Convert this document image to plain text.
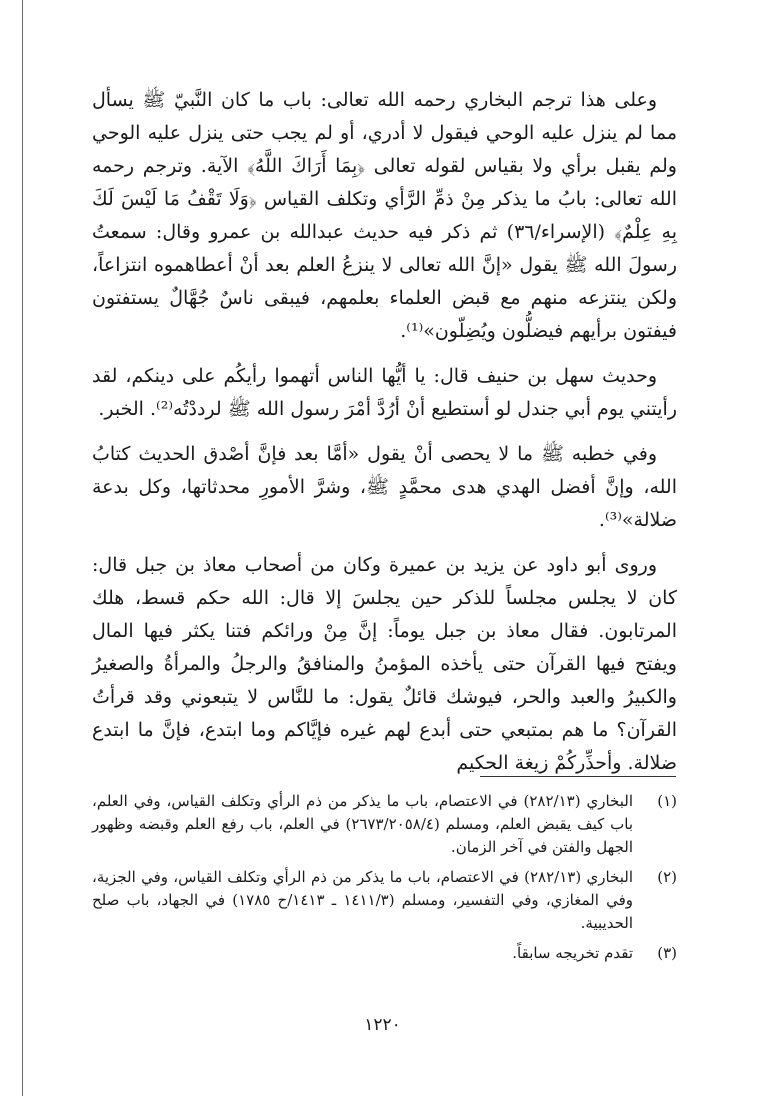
وعلى هذا ترجم البخاري رحمه الله تعالى: باب ما كان النَّبيّ ﷺ يسأل مما لم ينزل عليه الوحي فيقول لا أدري، أو لم يجب حتى ينزل عليه الوحي ولم يقبل برأي ولا بقياس لقوله تعالى ﴿بِمَا أَرَاكَ اللَّهُ﴾ الآية. وترجم رحمه الله تعالى: بابُ ما يذكر مِنْ ذمِّ الرَّأي وتكلف القياس ﴿وَلَا تَقْفُ مَا لَيْسَ لَكَ بِهِ عِلْمٌ﴾ (الإسراء/٣٦) ثم ذكر فيه حديث عبدالله بن عمرو وقال: سمعتُ رسولَ الله ﷺ يقول «إنَّ الله تعالى لا ينزعُ العلم بعد أنْ أعطاهموه انتزاعاً، ولكن ينتزعه منهم مع قبض العلماء بعلمهم، فيبقى ناسٌ جُهَّالٌ يستفتون فيفتون برأيهم فيضلُّون ويُضِلّون»⁽¹⁾.

وحديث سهل بن حنيف قال: يا أيُّها الناس أتهموا رأيكُم على دينكم، لقد رأيتني يوم أبي جندل لو أستطيع أنْ أرُدَّ أمْرَ رسول الله ﷺ لرددْتُه⁽²⁾. الخبر.

وفي خطبه ﷺ ما لا يحصى أنْ يقول «أمَّا بعد فإنَّ أصْدق الحديث كتابُ الله، وإنَّ أفضل الهدي هدى محمَّدٍ ﷺ، وشرَّ الأمورِ محدثاتها، وكل بدعة ضلالة»⁽³⁾.

وروى أبو داود عن يزيد بن عميرة وكان من أصحاب معاذ بن جبل قال: كان لا يجلس مجلساً للذكر حين يجلسَ إلا قال: الله حكم قسط، هلك المرتابون. فقال معاذ بن جبل يوماً: إنَّ مِنْ ورائكم فتنا يكثر فيها المال ويفتح فيها القرآن حتى يأخذه المؤمنُ والمنافقُ والرجلُ والمرأةُ والصغيرُ والكبيرُ والعبد والحر، فيوشك قائلٌ يقول: ما للنَّاس لا يتبعوني وقد قرأتُ القرآن؟ ما هم بمتبعي حتى أبدع لهم غيره فإيَّاكم وما ابتدع، فإنَّ ما ابتدع ضلالة. وأحذِّركُمْ زيغة الحكيم

(١)
البخاري (٢٨٢/١٣) في الاعتصام، باب ما يذكر من ذم الرأي وتكلف القياس، وفي العلم، باب كيف يقبض العلم، ومسلم (٢٦٧٣/٢٠٥٨/٤) في العلم، باب رفع العلم وقبضه وظهور الجهل والفتن في آخر الزمان.
(٢)
البخاري (٢٨٢/١٣) في الاعتصام، باب ما يذكر من ذم الرأي وتكلف القياس، وفي الجزية، وفي المغازي، وفي التفسير، ومسلم (١٤١١/٣ ـ ١٤١٣/ح ١٧٨٥) في الجهاد، باب صلح الحديبية.
(٣)
تقدم تخريجه سابقاً.
١٢٢٠
